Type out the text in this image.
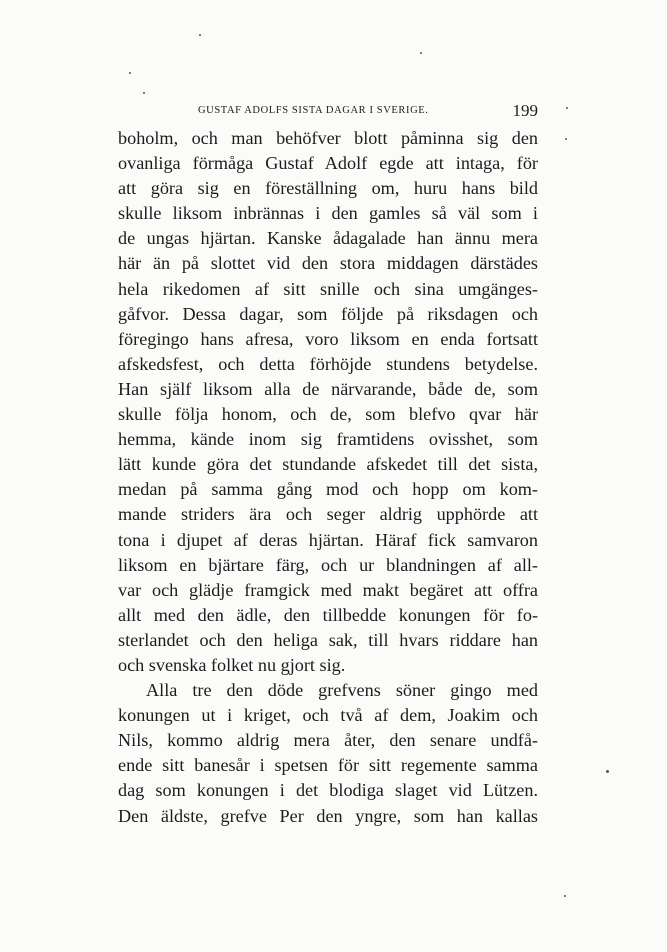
GUSTAF ADOLFS SISTA DAGAR I SVERIGE.	199
boholm, och man behöfver blott påminna sig den
ovanliga förmåga Gustaf Adolf egde att intaga, för
att göra sig en föreställning om, huru hans bild
skulle liksom inbrännas i den gamles så väl som i
de ungas hjärtan. Kanske ådagalade han ännu mera
här än på slottet vid den stora middagen därstädes
hela rikedomen af sitt snille och sina umgänges-
gåfvor. Dessa dagar, som följde på riksdagen och
föregingo hans afresa, voro liksom en enda fortsatt
afskedsfest, och detta förhöjde stundens betydelse.
Han själf liksom alla de närvarande, både de, som
skulle följa honom, och de, som blefvo qvar här
hemma, kände inom sig framtidens ovisshet, som
lätt kunde göra det stundande afskedet till det sista,
medan på samma gång mod och hopp om kom-
mande striders ära och seger aldrig upphörde att
tona i djupet af deras hjärtan. Häraf fick samvaron
liksom en bjärtare färg, och ur blandningen af all-
var och glädje framgick med makt begäret att offra
allt med den ädle, den tillbedde konungen för fo-
sterlandet och den heliga sak, till hvars riddare han
och svenska folket nu gjort sig.
Alla tre den döde grefvens söner gingo med
konungen ut i kriget, och två af dem, Joakim och
Nils, kommo aldrig mera åter, den senare undfå-
ende sitt banesår i spetsen för sitt regemente samma
dag som konungen i det blodiga slaget vid Lützen.
Den äldste, grefve Per den yngre, som han kallas
